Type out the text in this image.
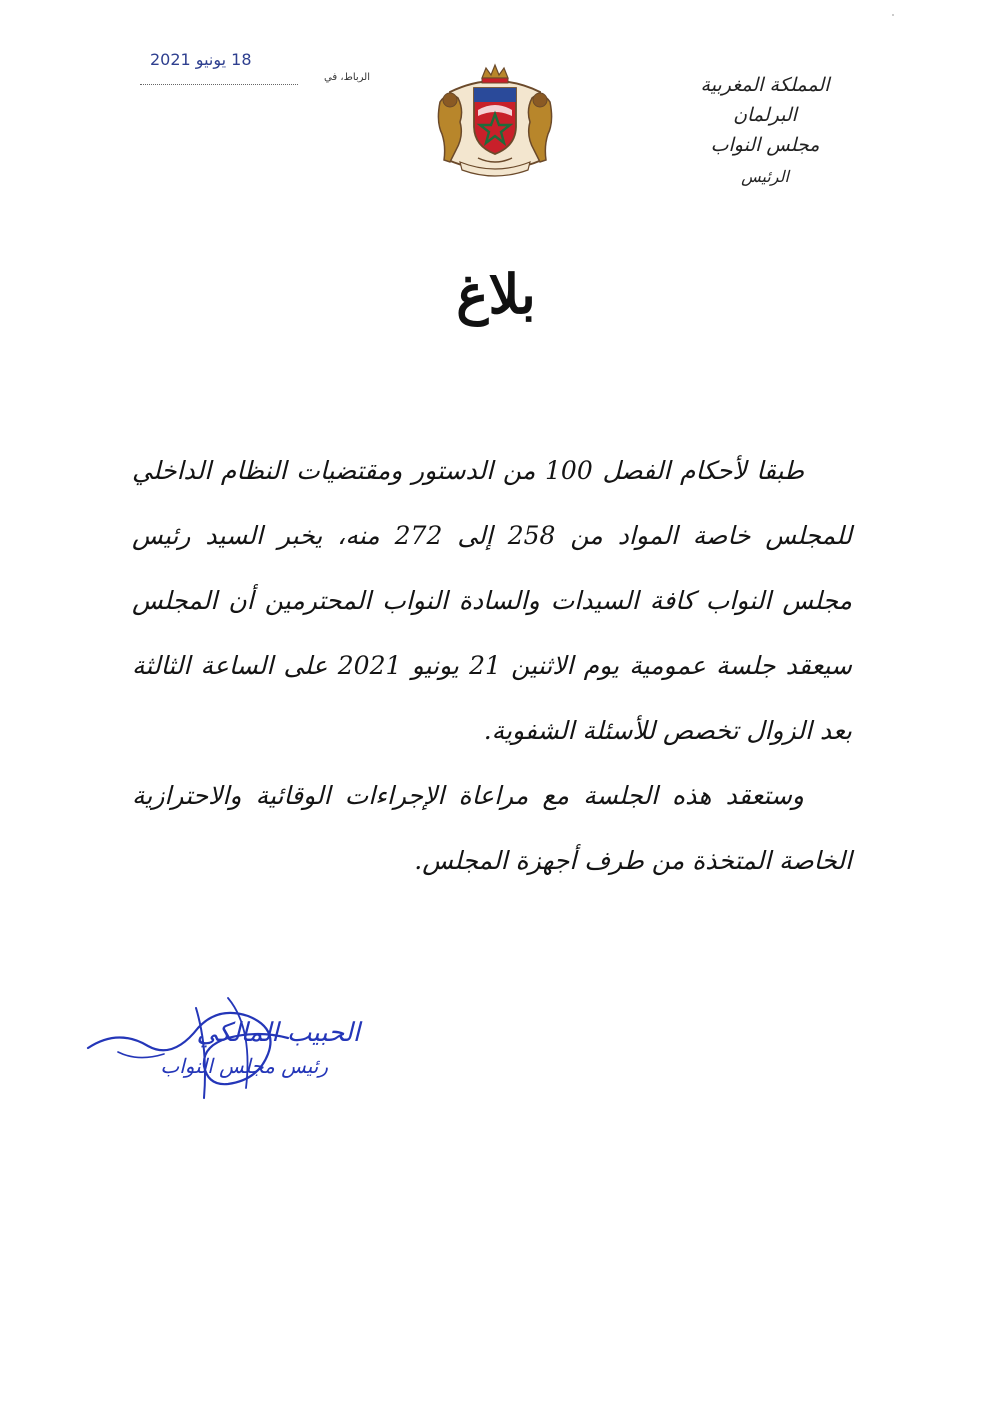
18 يونيو 2021
الرباط، في	المملكة المغربية
البرلمان
مجلس النواب
الرئيس
بلاغ

طبقا لأحكام الفصل 100 من الدستور ومقتضيات النظام الداخلي للمجلس خاصة المواد من 258 إلى 272 منه، يخبر السيد رئيس مجلس النواب كافة السيدات والسادة النواب المحترمين أن المجلس سيعقد جلسة عمومية يوم الاثنين 21 يونيو 2021 على الساعة الثالثة بعد الزوال تخصص للأسئلة الشفوية.

وستعقد هذه الجلسة مع مراعاة الإجراءات الوقائية والاحترازية الخاصة المتخذة من طرف أجهزة المجلس.

الحبيب المالكي
رئيس مجلس النواب
